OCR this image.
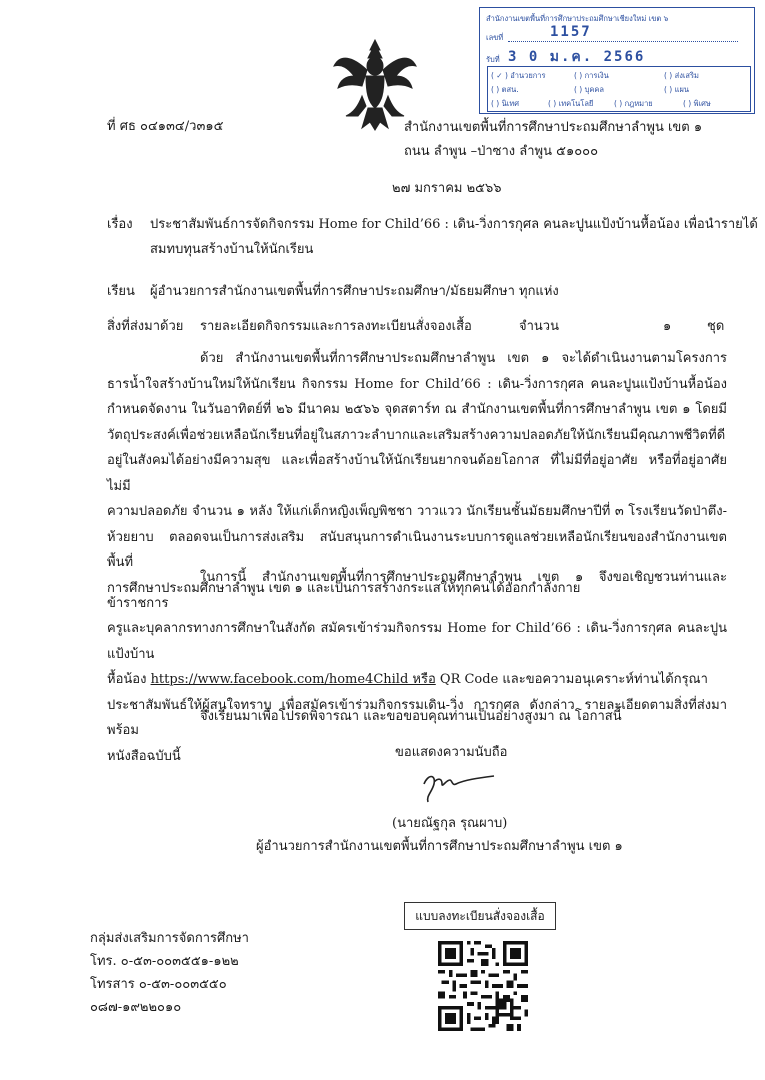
สำนักงานเขตพื้นที่การศึกษาประถมศึกษาเชียงใหม่ เขต ๖
เลขที่	1157
รับที่ 3 0 ม.ค. 2566
( ✓ ) อำนวยการ	( ) การเงิน	( ) ส่งเสริม
( ) ตสน.	( ) บุคคล	( ) แผน
( ) นิเทศ	( ) เทคโนโลยี	( ) กฎหมาย	( ) พิเศษ
ที่ ศธ ๐๔๑๓๔/ว๓๑๕	สำนักงานเขตพื้นที่การศึกษาประถมศึกษาลำพูน เขต ๑
ถนน ลำพูน –ป่าซาง ลำพูน ๕๑๐๐๐
๒๗ มกราคม ๒๕๖๖
เรื่อง ประชาสัมพันธ์การจัดกิจกรรม Home for Child’66 : เดิน-วิ่งการกุศล คนละปูนแป้งบ้านหื้อน้อง เพื่อนำรายได้
สมทบทุนสร้างบ้านให้นักเรียน
เรียน ผู้อำนวยการสำนักงานเขตพื้นที่การศึกษาประถมศึกษา/มัธยมศึกษา ทุกแห่ง
สิ่งที่ส่งมาด้วย รายละเอียดกิจกรรมและการลงทะเบียนสั่งจองเสื้อ	จำนวน	๑	ชุด
ด้วย สำนักงานเขตพื้นที่การศึกษาประถมศึกษาลำพูน เขต ๑ จะได้ดำเนินงานตามโครงการ
ธารน้ำใจสร้างบ้านใหม่ให้นักเรียน กิจกรรม Home for Child’66 : เดิน-วิ่งการกุศล คนละปูนแป้งบ้านหื้อน้อง
กำหนดจัดงาน ในวันอาทิตย์ที่ ๒๖ มีนาคม ๒๕๖๖ จุดสตาร์ท ณ สำนักงานเขตพื้นที่การศึกษาลำพูน เขต ๑ โดยมี
วัตถุประสงค์เพื่อช่วยเหลือนักเรียนที่อยู่ในสภาวะลำบากและเสริมสร้างความปลอดภัยให้นักเรียนมีคุณภาพชีวิตที่ดี
อยู่ในสังคมได้อย่างมีความสุข และเพื่อสร้างบ้านให้นักเรียนยากจนด้อยโอกาส ที่ไม่มีที่อยู่อาศัย หรือที่อยู่อาศัยไม่มี
ความปลอดภัย จำนวน ๑ หลัง ให้แก่เด็กหญิงเพ็ญพิชชา วาวแวว นักเรียนชั้นมัธยมศึกษาปีที่ ๓ โรงเรียนวัดป่าตึง-
ห้วยยาบ ตลอดจนเป็นการส่งเสริม สนับสนุนการดำเนินงานระบบการดูแลช่วยเหลือนักเรียนของสำนักงานเขตพื้นที่
การศึกษาประถมศึกษาลำพูน เขต ๑ และเป็นการสร้างกระแสให้ทุกคนได้ออกกำลังกาย
ในการนี้ สำนักงานเขตพื้นที่การศึกษาประถมศึกษาลำพูน เขต ๑ จึงขอเชิญชวนท่านและข้าราชการ
ครูและบุคลากรทางการศึกษาในสังกัด สมัครเข้าร่วมกิจกรรม Home for Child’66 : เดิน-วิ่งการกุศล คนละปูนแป้งบ้าน
หื้อน้อง https://www.facebook.com/home4Child หรือ QR Code และขอความอนุเคราะห์ท่านได้กรุณา
ประชาสัมพันธ์ให้ผู้สนใจทราบ เพื่อสมัครเข้าร่วมกิจกรรมเดิน-วิ่ง การกุศล ดังกล่าว รายละเอียดตามสิ่งที่ส่งมาพร้อม
หนังสือฉบับนี้
จึงเรียนมาเพื่อโปรดพิจารณา และขอขอบคุณท่านเป็นอย่างสูงมา ณ โอกาสนี้
ขอแสดงความนับถือ
(นายณัฐกุล รุณผาบ)
ผู้อำนวยการสำนักงานเขตพื้นที่การศึกษาประถมศึกษาลำพูน เขต ๑
แบบลงทะเบียนสั่งจองเสื้อ
กลุ่มส่งเสริมการจัดการศึกษา
โทร. ๐-๕๓-๐๐๓๕๕๑-๑๒๒
โทรสาร ๐-๕๓-๐๐๓๕๕๐
๐๘๗-๑๙๒๒๐๑๐
